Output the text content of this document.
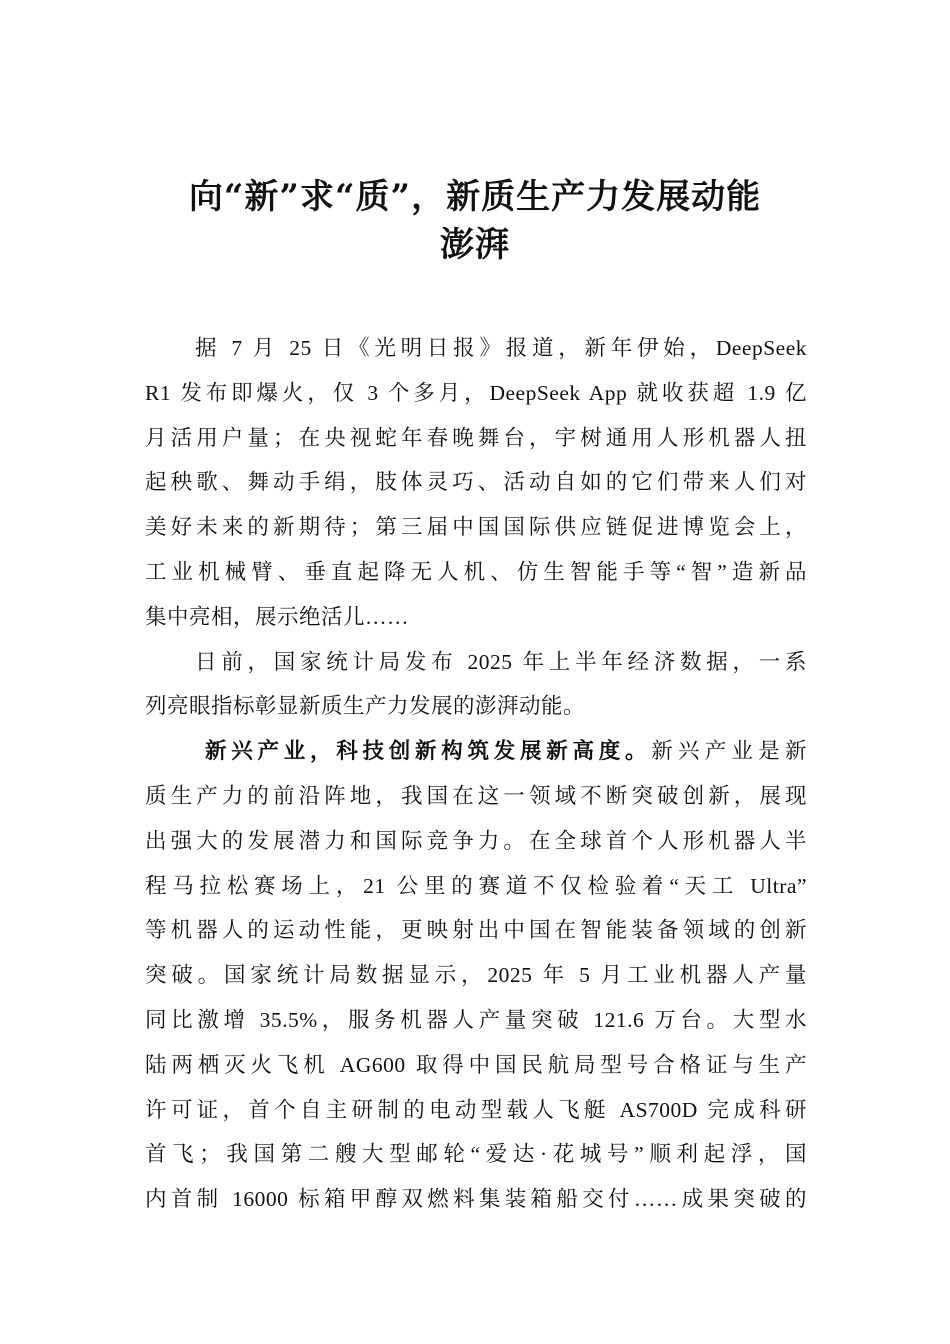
向“新”求“质”，新质生产力发展动能
澎湃
据 7 月 25 日《光明日报》报道，新年伊始，DeepSeek
R1 发布即爆火，仅 3 个多月，DeepSeek App 就收获超 1.9 亿
月活用户量；在央视蛇年春晚舞台，宇树通用人形机器人扭
起秧歌、舞动手绢，肢体灵巧、活动自如的它们带来人们对
美好未来的新期待；第三届中国国际供应链促进博览会上，
工业机械臂、垂直起降无人机、仿生智能手等“智”造新品
集中亮相，展示绝活儿……
日前，国家统计局发布 2025 年上半年经济数据，一系
列亮眼指标彰显新质生产力发展的澎湃动能。
新兴产业，科技创新构筑发展新高度。新兴产业是新
质生产力的前沿阵地，我国在这一领域不断突破创新，展现
出强大的发展潜力和国际竞争力。在全球首个人形机器人半
程马拉松赛场上，21 公里的赛道不仅检验着“天工 Ultra”
等机器人的运动性能，更映射出中国在智能装备领域的创新
突破。国家统计局数据显示，2025 年 5 月工业机器人产量
同比激增 35.5%，服务机器人产量突破 121.6 万台。大型水
陆两栖灭火飞机 AG600 取得中国民航局型号合格证与生产
许可证，首个自主研制的电动型载人飞艇 AS700D 完成科研
首飞；我国第二艘大型邮轮“爱达·花城号”顺利起浮，国
内首制 16000 标箱甲醇双燃料集装箱船交付……成果突破的
